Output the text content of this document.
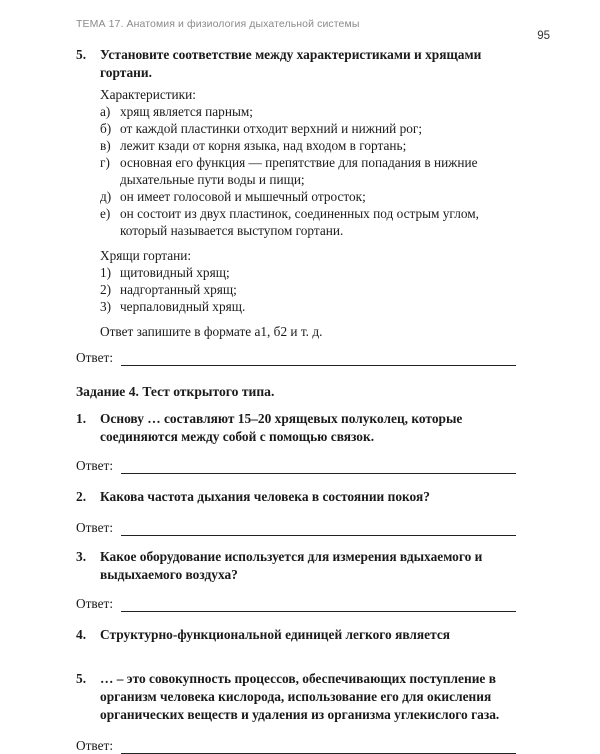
ТЕМА 17. Анатомия и физиология дыхательной системы
95
5.	Установите соответствие между характеристиками и хрящами гортани.
Характеристики:
а) хрящ является парным;
б) от каждой пластинки отходит верхний и нижний рог;
в) лежит кзади от корня языка, над входом в гортань;
г) основная его функция — препятствие для попадания в нижние дыхательные пути воды и пищи;
д) он имеет голосовой и мышечный отросток;
е) он состоит из двух пластинок, соединенных под острым углом, который называется выступом гортани.
Хрящи гортани:
1) щитовидный хрящ;
2) надгортанный хрящ;
3) черпаловидный хрящ.
Ответ запишите в формате а1, б2 и т. д.
Ответ:
Задание 4. Тест открытого типа.
1.	Основу … составляют 15–20 хрящевых полуколец, которые соединяются между собой с помощью связок.
Ответ:
2.	Какова частота дыхания человека в состоянии покоя?
Ответ:
3.	Какое оборудование используется для измерения вдыхаемого и выдыхаемого воздуха?
Ответ:
4.	Структурно-функциональной единицей легкого является
5.	… – это совокупность процессов, обеспечивающих поступление в организм человека кислорода, использование его для окисления органических веществ и удаления из организма углекислого газа.
Ответ:
